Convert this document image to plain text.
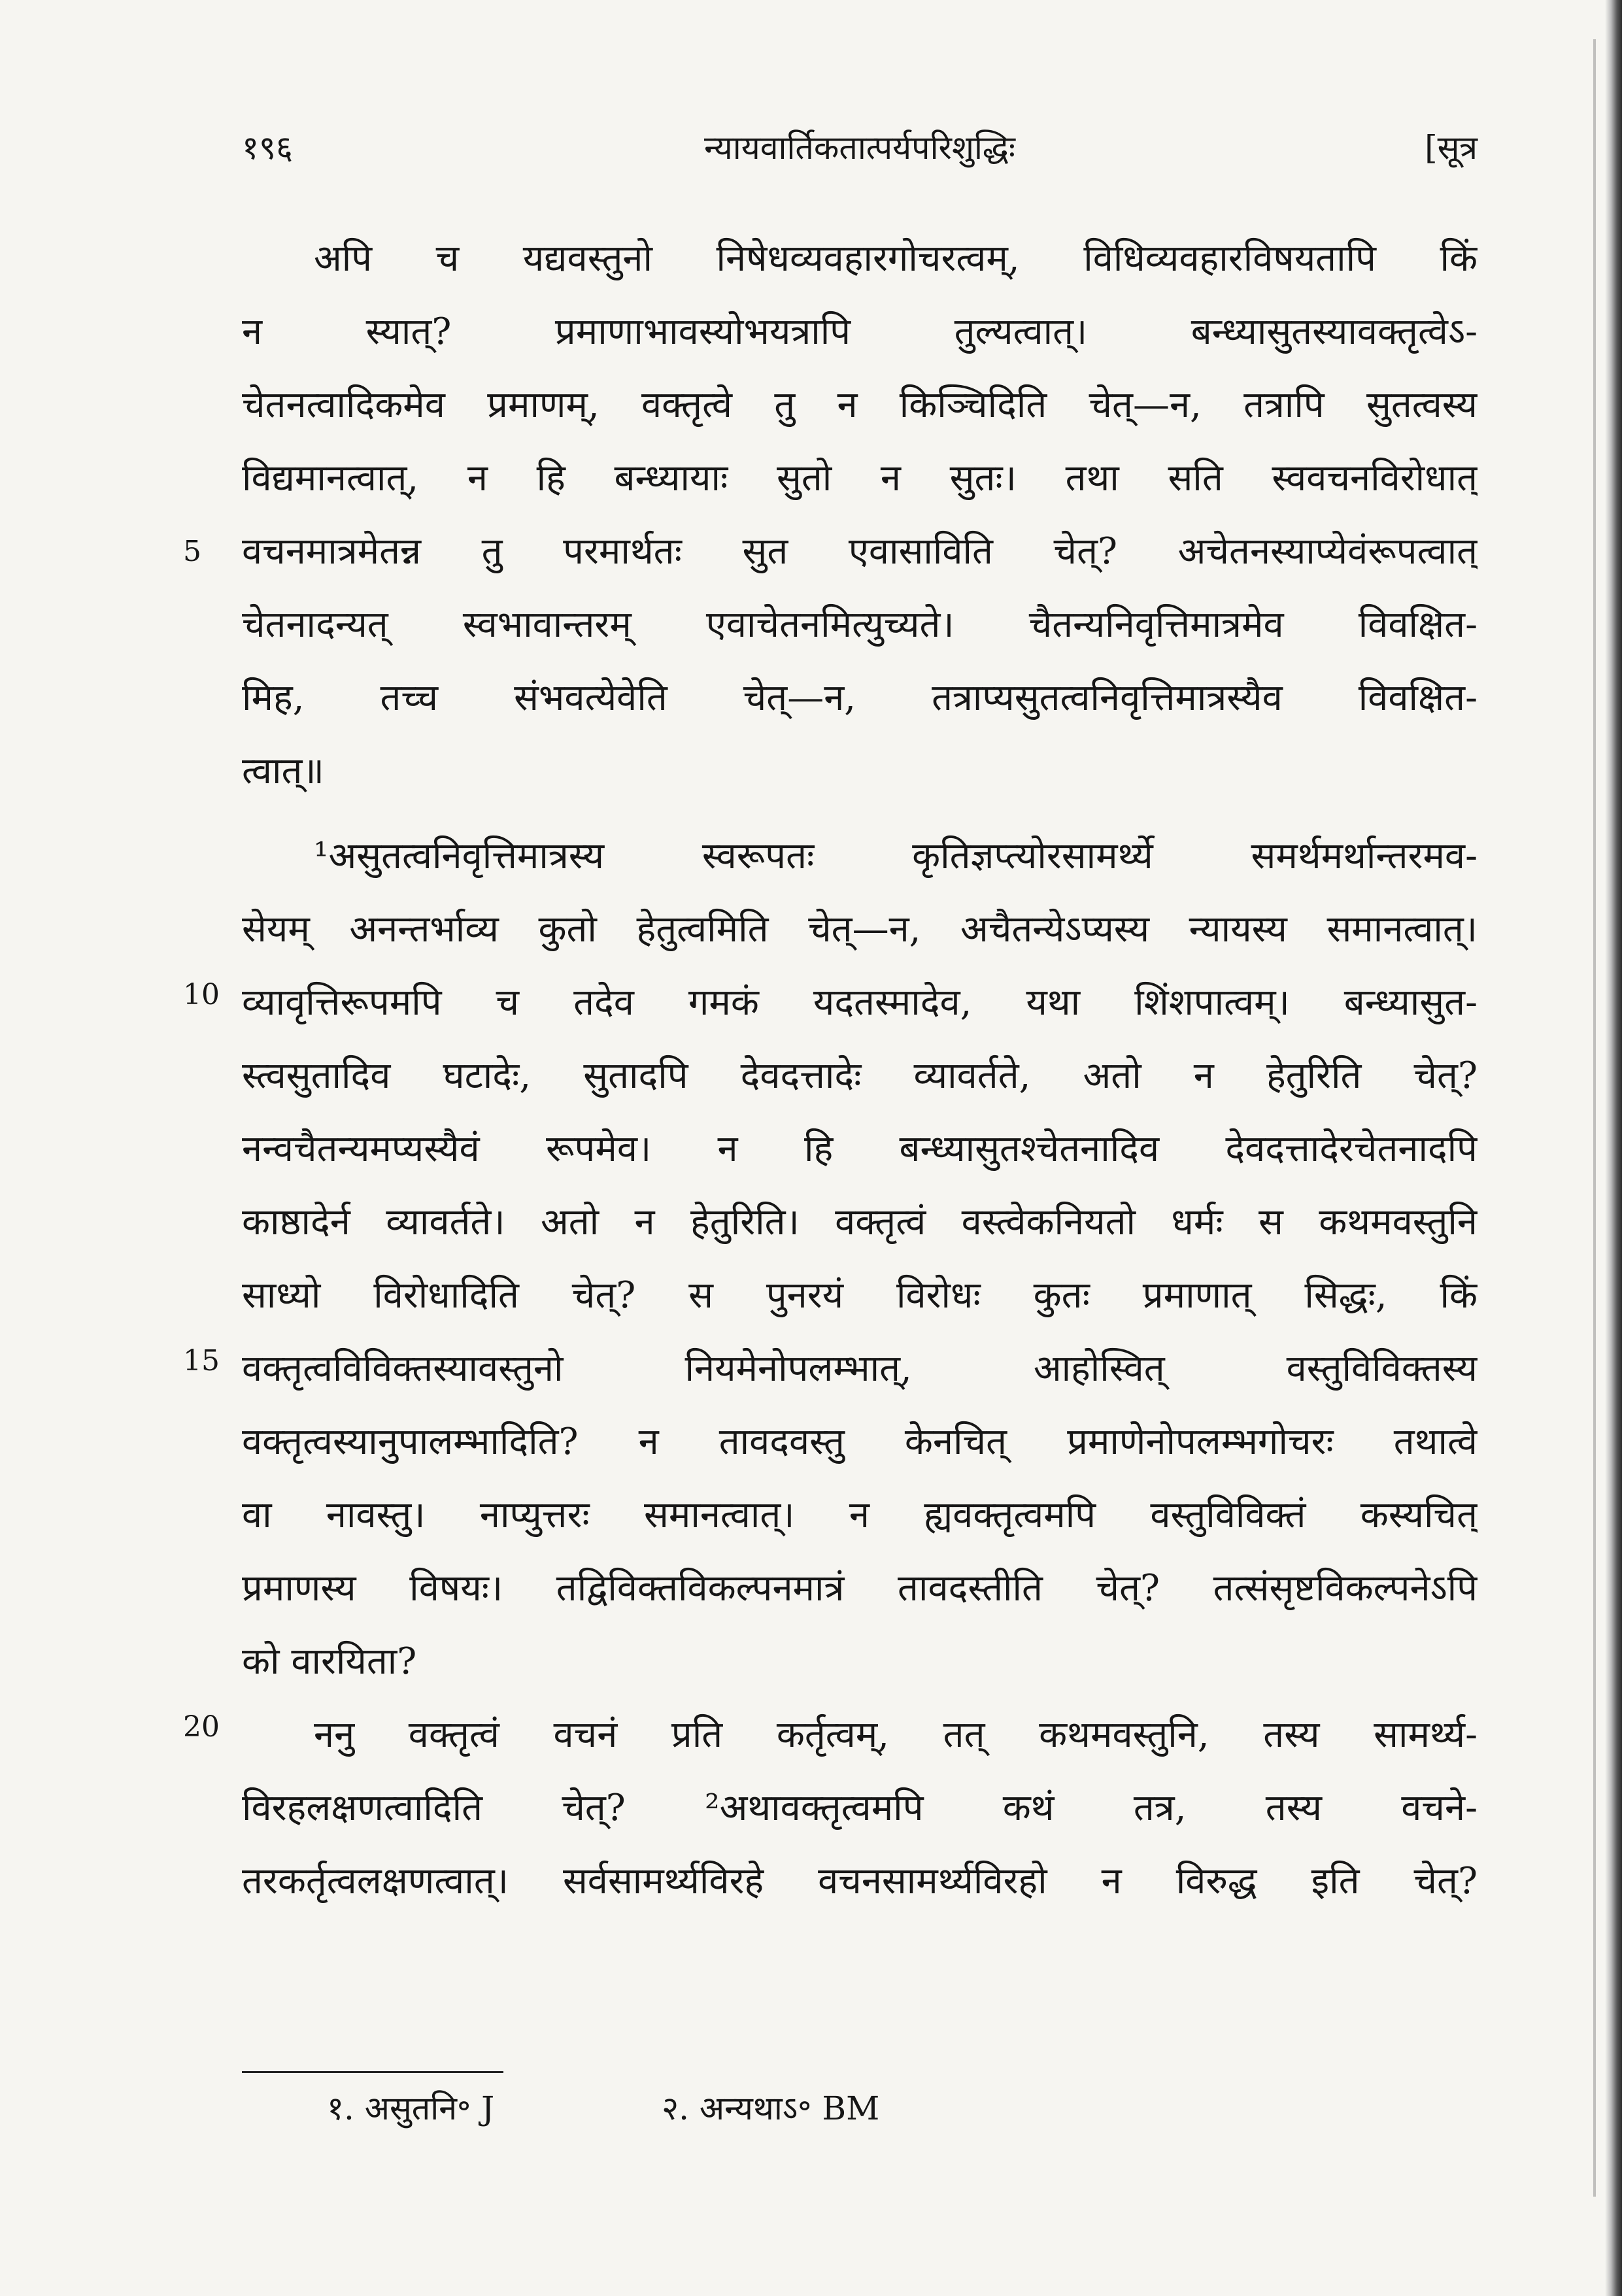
१९६	न्यायवार्तिकतात्पर्यपरिशुद्धिः	[सूत्र
अपि च यद्यवस्तुनो निषेधव्यवहारगोचरत्वम्, विधिव्यवहारविषयतापि किं
न स्यात्? प्रमाणाभावस्योभयत्रापि तुल्यत्वात्। बन्ध्यासुतस्यावक्तृत्वेऽ-
चेतनत्वादिकमेव प्रमाणम्, वक्तृत्वे तु न किञ्चिदिति चेत्—न, तत्रापि सुतत्वस्य
विद्यमानत्वात्, न हि बन्ध्यायाः सुतो न सुतः। तथा सति स्ववचनविरोधात्
वचनमात्रमेतन्न तु परमार्थतः सुत एवासाविति चेत्? अचेतनस्याप्येवंरूपत्वात्
चेतनादन्यत् स्वभावान्तरम् एवाचेतनमित्युच्यते। चैतन्यनिवृत्तिमात्रमेव विवक्षित-
मिह, तच्च संभवत्येवेति चेत्—न, तत्राप्यसुतत्वनिवृत्तिमात्रस्यैव विवक्षित-
त्वात्॥
¹असुतत्वनिवृत्तिमात्रस्य स्वरूपतः कृतिज्ञप्त्योरसामर्थ्ये समर्थमर्थान्तरमव-
सेयम् अनन्तर्भाव्य कुतो हेतुत्वमिति चेत्—न, अचैतन्येऽप्यस्य न्यायस्य समानत्वात्।
व्यावृत्तिरूपमपि च तदेव गमकं यदतस्मादेव, यथा शिंशपात्वम्। बन्ध्यासुत-
स्त्वसुतादिव घटादेः, सुतादपि देवदत्तादेः व्यावर्तते, अतो न हेतुरिति चेत्?
नन्वचैतन्यमप्यस्यैवं रूपमेव। न हि बन्ध्यासुतश्चेतनादिव देवदत्तादेरचेतनादपि
काष्ठादेर्न व्यावर्तते। अतो न हेतुरिति। वक्तृत्वं वस्त्वेकनियतो धर्मः स कथमवस्तुनि
साध्यो विरोधादिति चेत्? स पुनरयं विरोधः कुतः प्रमाणात् सिद्धः, किं
वक्तृत्वविविक्तस्यावस्तुनो नियमेनोपलम्भात्, आहोस्वित् वस्तुविविक्तस्य
वक्तृत्वस्यानुपालम्भादिति? न तावदवस्तु केनचित् प्रमाणेनोपलम्भगोचरः तथात्वे
वा नावस्तु। नाप्युत्तरः समानत्वात्। न ह्यवक्तृत्वमपि वस्तुविविक्तं कस्यचित्
प्रमाणस्य विषयः। तद्विविक्तविकल्पनमात्रं तावदस्तीति चेत्? तत्संसृष्टविकल्पनेऽपि
को वारयिता?
ननु वक्तृत्वं वचनं प्रति कर्तृत्वम्, तत् कथमवस्तुनि, तस्य सामर्थ्य-
विरहलक्षणत्वादिति चेत्? ²अथावक्तृत्वमपि कथं तत्र, तस्य वचने-
तरकर्तृत्वलक्षणत्वात्। सर्वसामर्थ्यविरहे वचनसामर्थ्यविरहो न विरुद्ध इति चेत्?
5
10
15
20
१. असुतनि॰ J	२. अन्यथाऽ॰ BM
